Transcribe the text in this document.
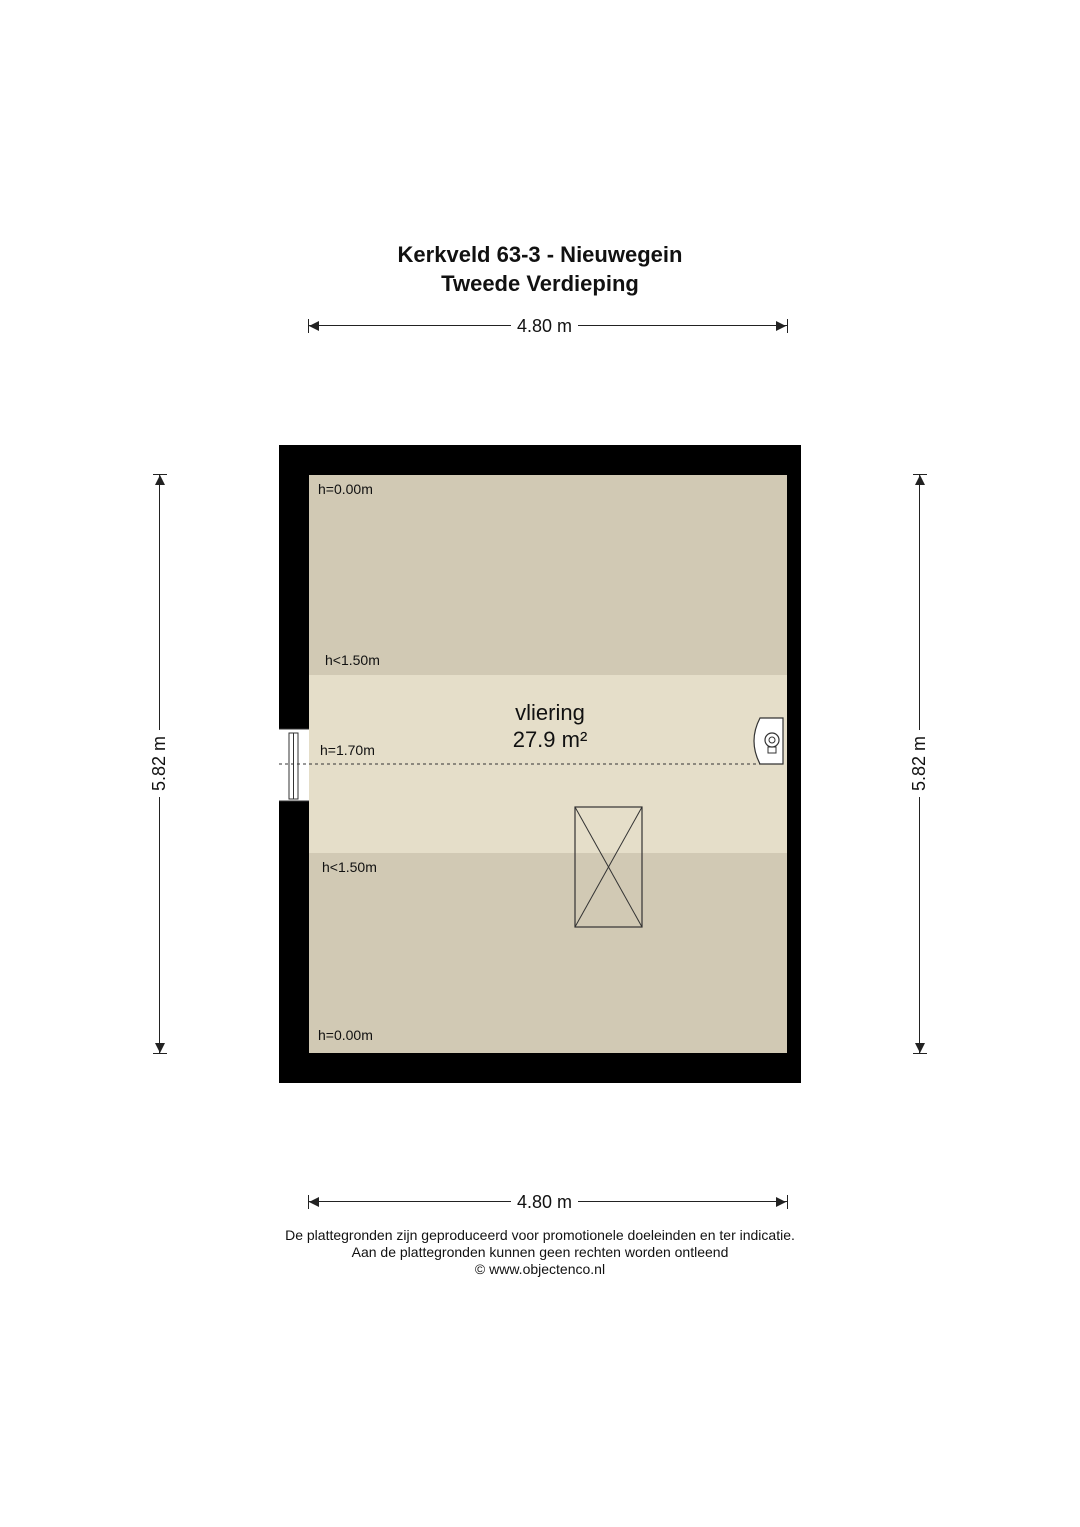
Kerkveld 63-3 - Nieuwegein
Tweede Verdieping
4.80 m
5.82 m	5.82 m
h=0.00m
h<1.50m
h=1.70m
h<1.50m
h=0.00m
vliering
27.9 m²
4.80 m
De plattegronden zijn geproduceerd voor promotionele doeleinden en ter indicatie.
Aan de plattegronden kunnen geen rechten worden ontleend
© www.objectenco.nl
